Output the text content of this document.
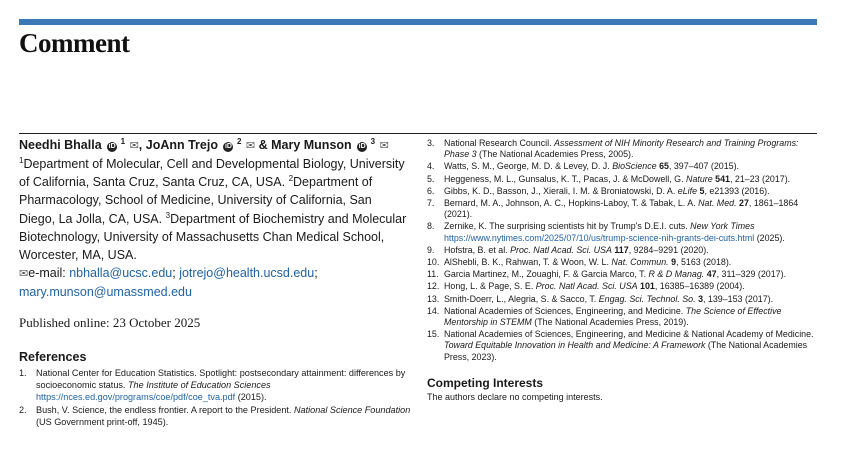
Comment
Needhi Bhalla iD $^1$ ✉, JoAnn Trejo iD $^2$ ✉ & Mary Munson iD $^3$ ✉
$^1$Department of Molecular, Cell and Developmental Biology, University of California, Santa Cruz, Santa Cruz, CA, USA. $^2$Department of Pharmacology, School of Medicine, University of California, San Diego, La Jolla, CA, USA. $^3$Department of Biochemistry and Molecular Biotechnology, University of Massachusetts Chan Medical School, Worcester, MA, USA.
✉e-mail: nbhalla@ucsc.edu; jotrejo@health.ucsd.edu; mary.munson@umassmed.edu
Published online: 23 October 2025
References
1. National Center for Education Statistics. Spotlight: postsecondary attainment: differences by socioeconomic status. The Institute of Education Sciences https://nces.ed.gov/programs/coe/pdf/coe_tva.pdf (2015).
2. Bush, V. Science, the endless frontier. A report to the President. National Science Foundation (US Government print-off, 1945).
3. National Research Council. Assessment of NIH Minority Research and Training Programs: Phase 3 (The National Academies Press, 2005).
4. Watts, S. M., George, M. D. & Levey, D. J. BioScience 65, 397–407 (2015).
5. Heggeness, M. L., Gunsalus, K. T., Pacas, J. & McDowell, G. Nature 541, 21–23 (2017).
6. Gibbs, K. D., Basson, J., Xierali, I. M. & Broniatowski, D. A. eLife 5, e21393 (2016).
7. Bernard, M. A., Johnson, A. C., Hopkins-Laboy, T. & Tabak, L. A. Nat. Med. 27, 1861–1864 (2021).
8. Zernike, K. The surprising scientists hit by Trump's D.E.I. cuts. New York Times https://www.nytimes.com/2025/07/10/us/trump-science-nih-grants-dei-cuts.html (2025).
9. Hofstra, B. et al. Proc. Natl Acad. Sci. USA 117, 9284–9291 (2020).
10. AlShebli, B. K., Rahwan, T. & Woon, W. L. Nat. Commun. 9, 5163 (2018).
11. Garcia Martinez, M., Zouaghi, F. & Garcia Marco, T. R & D Manag. 47, 311–329 (2017).
12. Hong, L. & Page, S. E. Proc. Natl Acad. Sci. USA 101, 16385–16389 (2004).
13. Smith-Doerr, L., Alegria, S. & Sacco, T. Engag. Sci. Technol. So. 3, 139–153 (2017).
14. National Academies of Sciences, Engineering, and Medicine. The Science of Effective Mentorship in STEMM (The National Academies Press, 2019).
15. National Academies of Sciences, Engineering, and Medicine & National Academy of Medicine. Toward Equitable Innovation in Health and Medicine: A Framework (The National Academies Press, 2023).
Competing Interests
The authors declare no competing interests.
